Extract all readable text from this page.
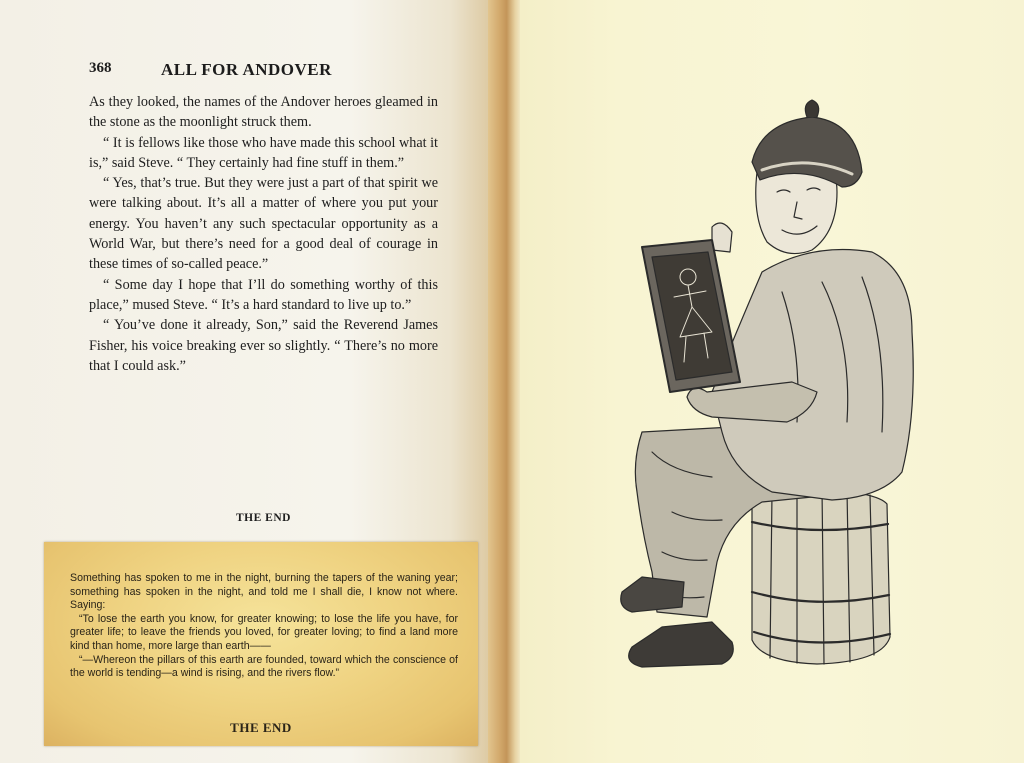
368	ALL FOR ANDOVER

As they looked, the names of the Andover heroes gleamed in the stone as the moonlight struck them.

“ It is fellows like those who have made this school what it is,” said Steve. “ They certainly had fine stuff in them.”

“ Yes, that’s true. But they were just a part of that spirit we were talking about. It’s all a matter of where you put your energy. You haven’t any such spectacular opportunity as a World War, but there’s need for a good deal of courage in these times of so-called peace.”

“ Some day I hope that I’ll do something worthy of this place,” mused Steve. “ It’s a hard standard to live up to.”

“ You’ve done it already, Son,” said the Reverend James Fisher, his voice breaking ever so slightly. “ There’s no more that I could ask.”

THE END

Something has spoken to me in the night, burning the tapers of the waning year; something has spoken in the night, and told me I shall die, I know not where. Saying:

“To lose the earth you know, for greater knowing; to lose the life you have, for greater life; to leave the friends you loved, for greater loving; to find a land more kind than home, more large than earth——

“—Whereon the pillars of this earth are founded, toward which the conscience of the world is tending—a wind is rising, and the rivers flow.”

THE END
